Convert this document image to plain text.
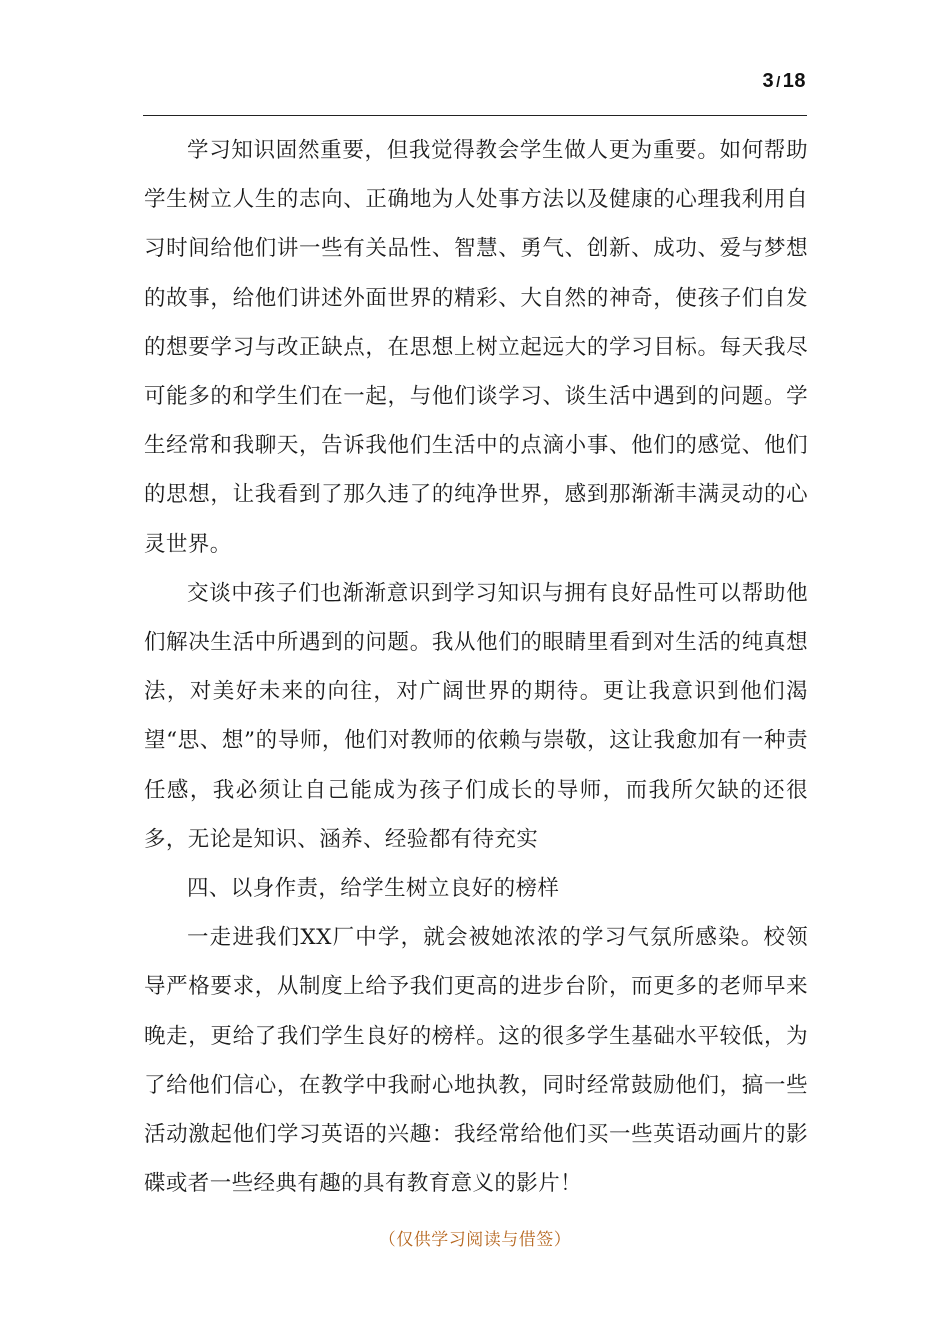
3 / 18

学习知识固然重要，但我觉得教会学生做人更为重要。如何帮助学生树立人生的志向、正确地为人处事方法以及健康的心理我利用自习时间给他们讲一些有关品性、智慧、勇气、创新、成功、爱与梦想的故事，给他们讲述外面世界的精彩、大自然的神奇，使孩子们自发的想要学习与改正缺点，在思想上树立起远大的学习目标。每天我尽可能多的和学生们在一起，与他们谈学习、谈生活中遇到的问题。学生经常和我聊天，告诉我他们生活中的点滴小事、他们的感觉、他们的思想，让我看到了那久违了的纯净世界，感到那渐渐丰满灵动的心灵世界。

交谈中孩子们也渐渐意识到学习知识与拥有良好品性可以帮助他们解决生活中所遇到的问题。我从他们的眼睛里看到对生活的纯真想法，对美好未来的向往，对广阔世界的期待。更让我意识到他们渴望“思、想”的导师，他们对教师的依赖与崇敬，这让我愈加有一种责任感，我必须让自己能成为孩子们成长的导师，而我所欠缺的还很多，无论是知识、涵养、经验都有待充实

四、以身作责，给学生树立良好的榜样

一走进我们XX厂中学，就会被她浓浓的学习气氛所感染。校领导严格要求，从制度上给予我们更高的进步台阶，而更多的老师早来晚走，更给了我们学生良好的榜样。这的很多学生基础水平较低，为了给他们信心，在教学中我耐心地执教，同时经常鼓励他们，搞一些活动激起他们学习英语的兴趣：我经常给他们买一些英语动画片的影碟或者一些经典有趣的具有教育意义的影片！

（仅供学习阅读与借签）
